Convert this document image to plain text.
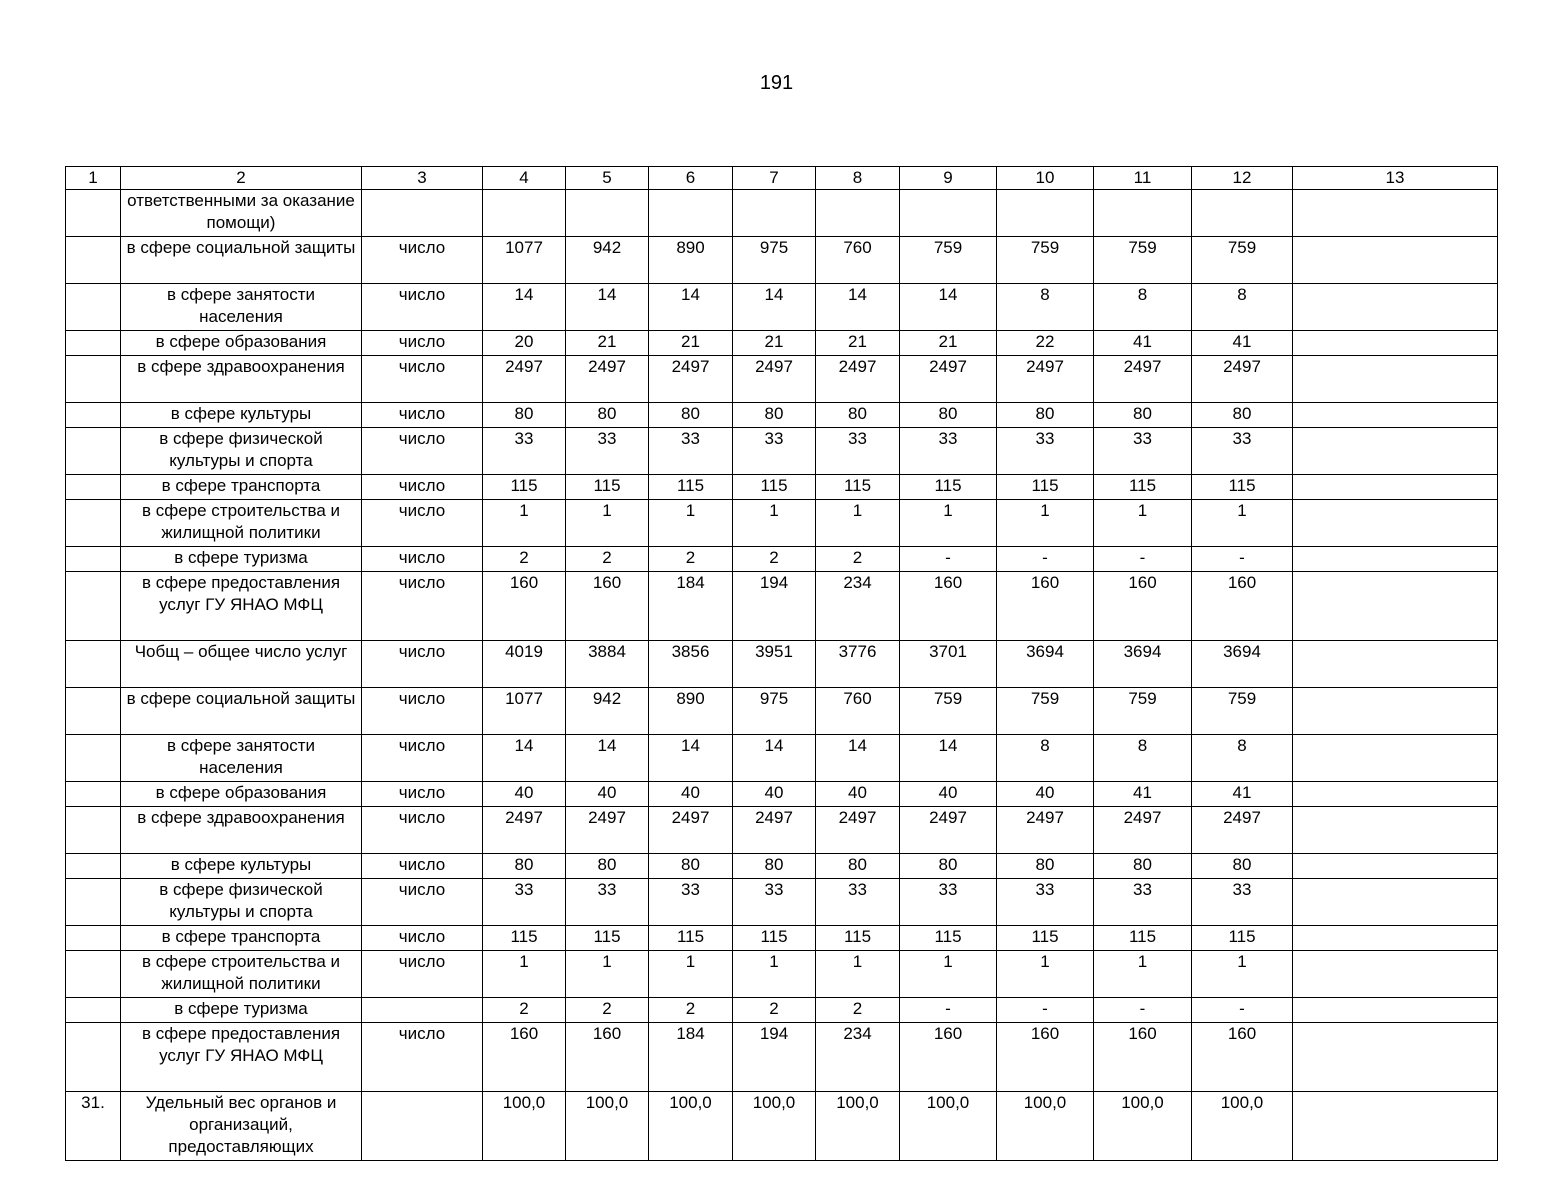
191
1	2	3	4	5	6	7	8	9	10	11	12	13
	ответственными за оказание помощи)											
	в сфере социальной защиты	число	1077	942	890	975	760	759	759	759	759	
	в сфере занятости населения	число	14	14	14	14	14	14	8	8	8	
	в сфере образования	число	20	21	21	21	21	21	22	41	41	
	в сфере здравоохранения	число	2497	2497	2497	2497	2497	2497	2497	2497	2497	
	в сфере культуры	число	80	80	80	80	80	80	80	80	80	
	в сфере физической культуры и спорта	число	33	33	33	33	33	33	33	33	33	
	в сфере транспорта	число	115	115	115	115	115	115	115	115	115	
	в сфере строительства и жилищной политики	число	1	1	1	1	1	1	1	1	1	
	в сфере туризма	число	2	2	2	2	2	-	-	-	-	
	в сфере предоставления услуг ГУ ЯНАО МФЦ	число	160	160	184	194	234	160	160	160	160	
	Чобщ – общее число услуг	число	4019	3884	3856	3951	3776	3701	3694	3694	3694	
	в сфере социальной защиты	число	1077	942	890	975	760	759	759	759	759	
	в сфере занятости населения	число	14	14	14	14	14	14	8	8	8	
	в сфере образования	число	40	40	40	40	40	40	40	41	41	
	в сфере здравоохранения	число	2497	2497	2497	2497	2497	2497	2497	2497	2497	
	в сфере культуры	число	80	80	80	80	80	80	80	80	80	
	в сфере физической культуры и спорта	число	33	33	33	33	33	33	33	33	33	
	в сфере транспорта	число	115	115	115	115	115	115	115	115	115	
	в сфере строительства и жилищной политики	число	1	1	1	1	1	1	1	1	1	
	в сфере туризма		2	2	2	2	2	-	-	-	-	
	в сфере предоставления услуг ГУ ЯНАО МФЦ	число	160	160	184	194	234	160	160	160	160	
31.	Удельный вес органов и организаций, предоставляющих		100,0	100,0	100,0	100,0	100,0	100,0	100,0	100,0	100,0	
